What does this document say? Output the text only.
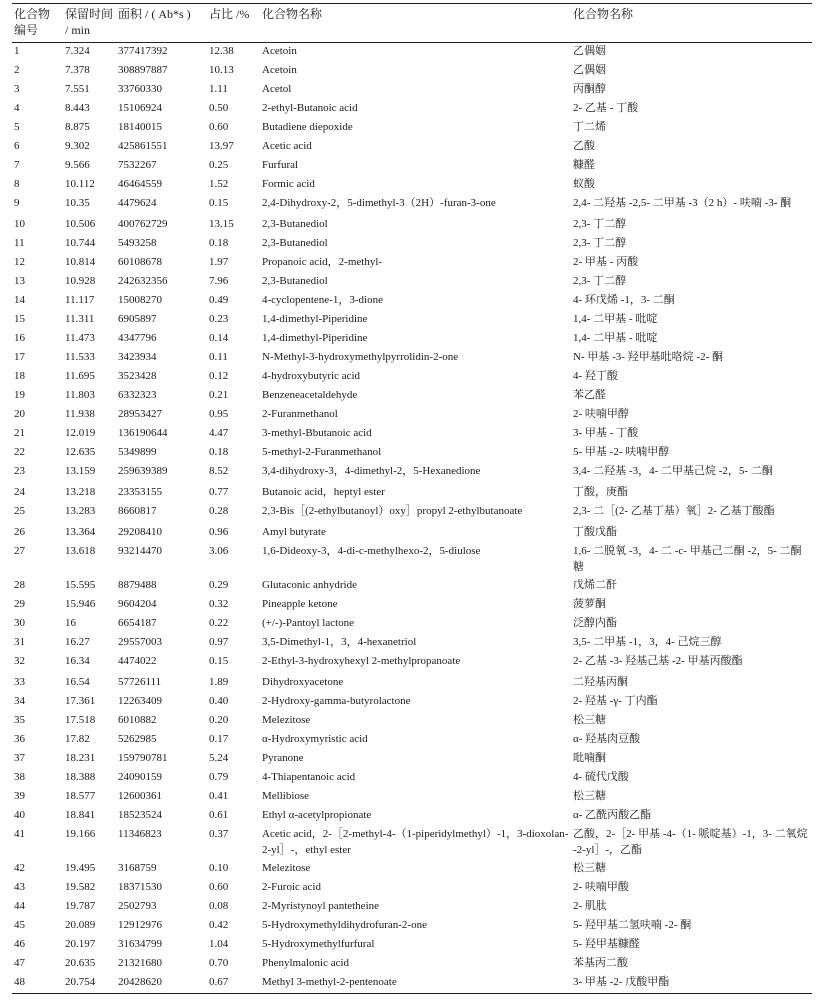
化合物编号	保留时间 / min	面积 / ( Ab*s )	占比 /%	化合物名称	化合物名称
1	7.324	377417392	12.38	Acetoin	乙偶姻
2	7.378	308897887	10.13	Acetoin	乙偶姻
3	7.551	33760330	1.11	Acetol	丙酮醇
4	8.443	15106924	0.50	2-ethyl-Butanoic acid	2- 乙基 - 丁酸
5	8.875	18140015	0.60	Butadiene diepoxide	丁二烯
6	9.302	425861551	13.97	Acetic acid	乙酸
7	9.566	7532267	0.25	Furfural	糠醛
8	10.112	46464559	1.52	Formic acid	蚁酸
9	10.35	4479624	0.15	2,4-Dihydroxy-2，5-dimethyl-3（2H）-furan-3-one	2,4- 二羟基 -2,5- 二甲基 -3（2 h）- 呋喃 -3- 酮
10	10.506	400762729	13.15	2,3-Butanediol	2,3- 丁二醇
11	10.744	5493258	0.18	2,3-Butanediol	2,3- 丁二醇
12	10.814	60108678	1.97	Propanoic acid，2-methyl-	2- 甲基 - 丙酸
13	10.928	242632356	7.96	2,3-Butanediol	2,3- 丁二醇
14	11.117	15008270	0.49	4-cyclopentene-1，3-dione	4- 环戊烯 -1，3- 二酮
15	11.311	6905897	0.23	1,4-dimethyl-Piperidine	1,4- 二甲基 - 吡啶
16	11.473	4347796	0.14	1,4-dimethyl-Piperidine	1,4- 二甲基 - 吡啶
17	11.533	3423934	0.11	N-Methyl-3-hydroxymethylpyrrolidin-2-one	N- 甲基 -3- 羟甲基吡咯烷 -2- 酮
18	11.695	3523428	0.12	4-hydroxybutyric acid	4- 羟丁酸
19	11.803	6332323	0.21	Benzeneacetaldehyde	苯乙醛
20	11.938	28953427	0.95	2-Furanmethanol	2- 呋喃甲醇
21	12.019	136190644	4.47	3-methyl-Bbutanoic acid	3- 甲基 - 丁酸
22	12.635	5349899	0.18	5-methyl-2-Furanmethanol	5- 甲基 -2- 呋喃甲醇
23	13.159	259639389	8.52	3,4-dihydroxy-3，4-dimethyl-2，5-Hexanedione	3,4- 二羟基 -3，4- 二甲基己烷 -2，5- 二酮
24	13.218	23353155	0.77	Butanoic acid，heptyl ester	丁酸，庚酯
25	13.283	8660817	0.28	2,3-Bis［(2-ethylbutanoyl）oxy］propyl 2-ethylbutanoate	2,3- 二［(2- 乙基丁基）氧］2- 乙基丁酸酯
26	13.364	29208410	0.96	Amyl butyrate	丁酸戊酯
27	13.618	93214470	3.06	1,6-Dideoxy-3，4-di-c-methylhexo-2，5-diulose	1,6- 二脱氧 -3，4- 二 -c- 甲基己二酮 -2，5- 二酮糖
28	15.595	8879488	0.29	Glutaconic anhydride	戊烯二酐
29	15.946	9604204	0.32	Pineapple ketone	菠萝酮
30	16	6654187	0.22	(+/-)-Pantoyl lactone	泛醇内酯
31	16.27	29557003	0.97	3,5-Dimethyl-1，3，4-hexanetriol	3,5- 二甲基 -1，3，4- 己烷三醇
32	16.34	4474022	0.15	2-Ethyl-3-hydroxyhexyl 2-methylpropanoate	2- 乙基 -3- 羟基己基 -2- 甲基丙酸酯
33	16.54	57726111	1.89	Dihydroxyacetone	二羟基丙酮
34	17.361	12263409	0.40	2-Hydroxy-gamma-butyrolactone	2- 羟基 -γ- 丁内酯
35	17.518	6010882	0.20	Melezitose	松三糖
36	17.82	5262985	0.17	α-Hydroxymyristic acid	α- 羟基肉豆酸
37	18.231	159790781	5.24	Pyranone	吡喃酮
38	18.388	24090159	0.79	4-Thiapentanoic acid	4- 硫代戊酸
39	18.577	12600361	0.41	Mellibiose	松三糖
40	18.841	18523524	0.61	Ethyl α-acetylpropionate	α- 乙酰丙酸乙酯
41	19.166	11346823	0.37	Acetic acid，2-［2-methyl-4-（1-piperidylmethyl）-1，3-dioxolan-2-yl］-，ethyl ester	乙酸，2-［2- 甲基 -4-（1- 哌啶基）-1，3- 二氧烷 -2-yl］-，乙酯
42	19.495	3168759	0.10	Melezitose	松三糖
43	19.582	18371530	0.60	2-Furoic acid	2- 呋喃甲酸
44	19.787	2502793	0.08	2-Myristynoyl pantetheine	2- 肌肽
45	20.089	12912976	0.42	5-Hydroxymethyldihydrofuran-2-one	5- 羟甲基二氢呋喃 -2- 酮
46	20.197	31634799	1.04	5-Hydroxymethylfurfural	5- 羟甲基糠醛
47	20.635	21321680	0.70	Phenylmalonic acid	苯基丙二酸
48	20.754	20428620	0.67	Methyl 3-methyl-2-pentenoate	3- 甲基 -2- 戊酸甲酯
